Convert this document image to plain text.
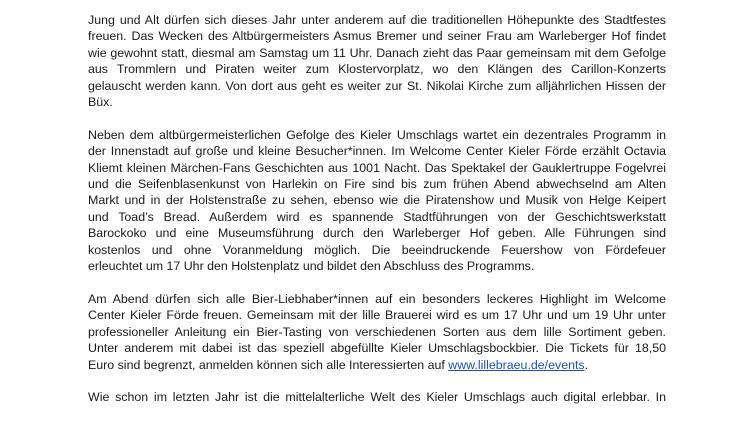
Jung und Alt dürfen sich dieses Jahr unter anderem auf die traditionellen Höhepunkte des Stadtfestes
freuen. Das Wecken des Altbürgermeisters Asmus Bremer und seiner Frau am Warleberger Hof findet
wie gewohnt statt, diesmal am Samstag um 11 Uhr. Danach zieht das Paar gemeinsam mit dem Gefolge
aus Trommlern und Piraten weiter zum Klostervorplatz, wo den Klängen des Carillon-Konzerts
gelauscht werden kann. Von dort aus geht es weiter zur St. Nikolai Kirche zum alljährlichen Hissen der
Büx.
Neben dem altbürgermeisterlichen Gefolge des Kieler Umschlags wartet ein dezentrales Programm in
der Innenstadt auf große und kleine Besucher*innen. Im Welcome Center Kieler Förde erzählt Octavia
Kliemt kleinen Märchen-Fans Geschichten aus 1001 Nacht. Das Spektakel der Gauklertruppe Fogelvrei
und die Seifenblasenkunst von Harlekin on Fire sind bis zum frühen Abend abwechselnd am Alten
Markt und in der Holstenstraße zu sehen, ebenso wie die Piratenshow und Musik von Helge Keipert
und Toad’s Bread. Außerdem wird es spannende Stadtführungen von der Geschichtswerkstatt
Barockoko und eine Museumsführung durch den Warleberger Hof geben. Alle Führungen sind
kostenlos und ohne Voranmeldung möglich. Die beeindruckende Feuershow von Fördefeuer
erleuchtet um 17 Uhr den Holstenplatz und bildet den Abschluss des Programms.
Am Abend dürfen sich alle Bier-Liebhaber*innen auf ein besonders leckeres Highlight im Welcome
Center Kieler Förde freuen. Gemeinsam mit der lille Brauerei wird es um 17 Uhr und um 19 Uhr unter
professioneller Anleitung ein Bier-Tasting von verschiedenen Sorten aus dem lille Sortiment geben.
Unter anderem mit dabei ist das speziell abgefüllte Kieler Umschlagsbockbier. Die Tickets für 18,50
Euro sind begrenzt, anmelden können sich alle Interessierten auf www.lillebraeu.de/events.
Wie schon im letzten Jahr ist die mittelalterliche Welt des Kieler Umschlags auch digital erlebbar. In
